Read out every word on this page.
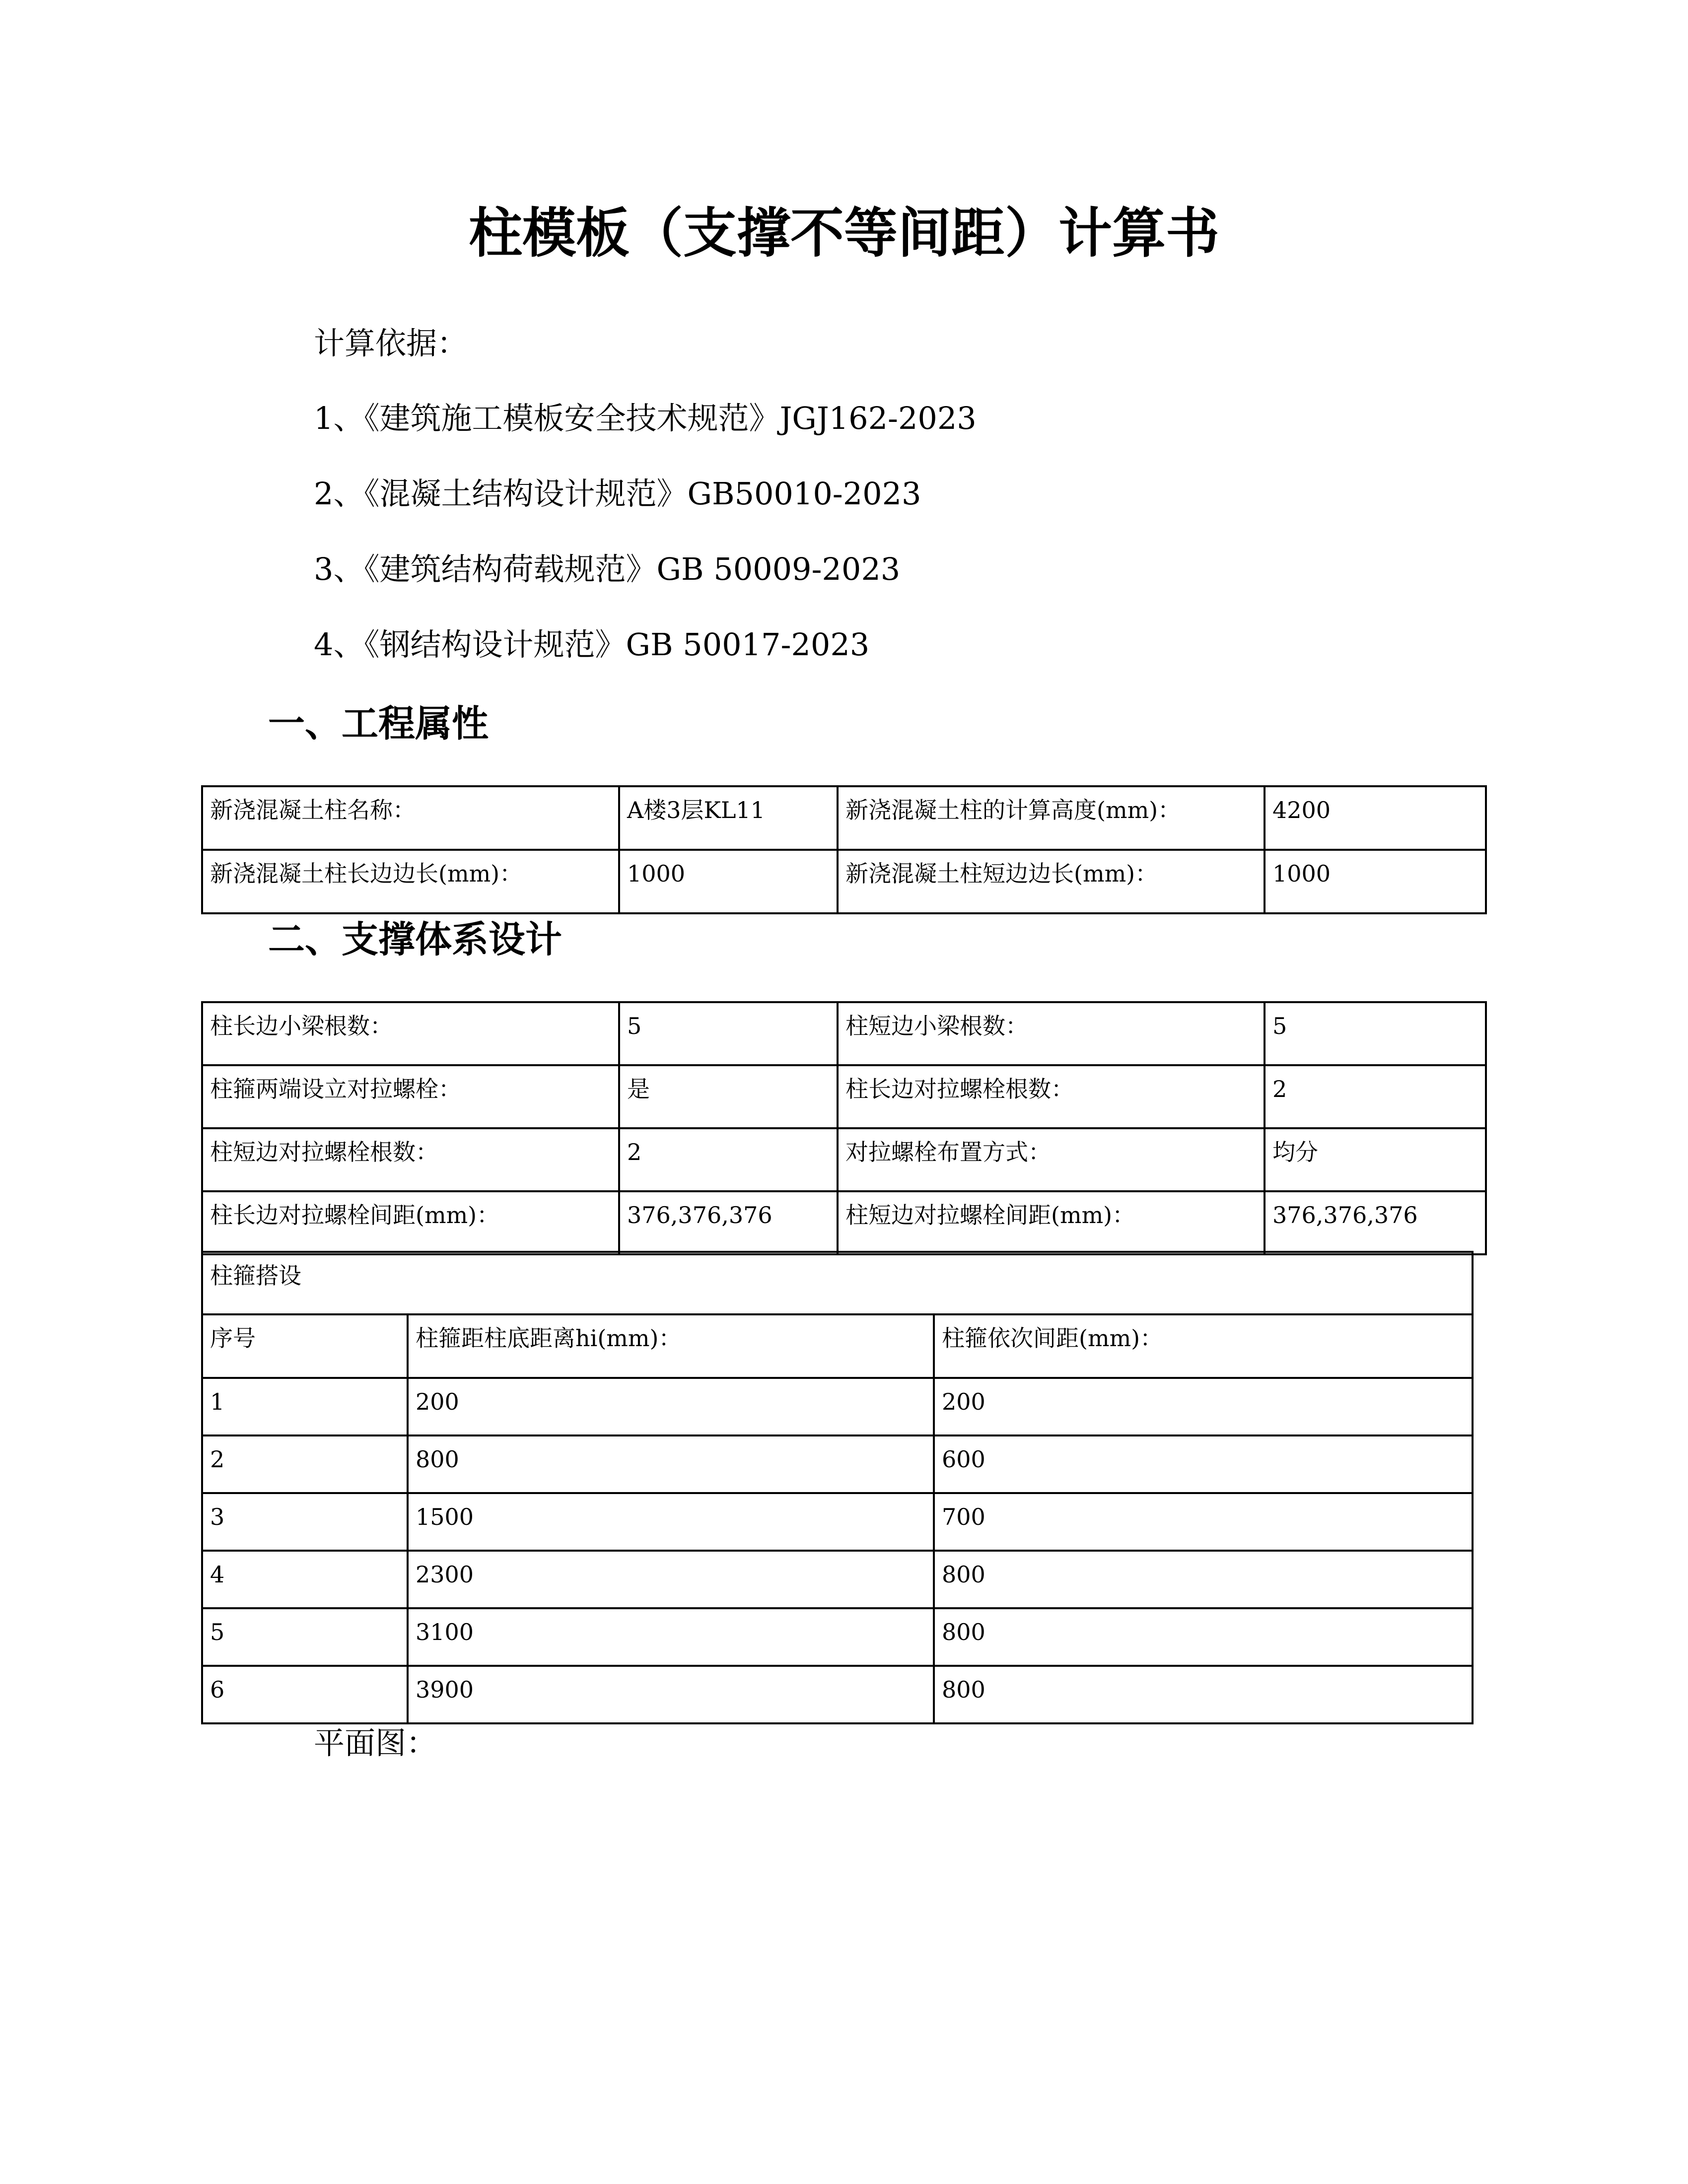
柱模板（支撑不等间距）计算书
计算依据：
1、《建筑施工模板安全技术规范》JGJ162-2023
2、《混凝土结构设计规范》GB50010-2023
3、《建筑结构荷载规范》GB 50009-2023
4、《钢结构设计规范》GB 50017-2023
一、工程属性
新浇混凝土柱名称：	A楼3层KL11	新浇混凝土柱的计算高度(mm)：	4200
新浇混凝土柱长边边长(mm)：	1000	新浇混凝土柱短边边长(mm)：	1000
二、支撑体系设计
柱长边小梁根数：	5	柱短边小梁根数：	5
柱箍两端设立对拉螺栓：	是	柱长边对拉螺栓根数：	2
柱短边对拉螺栓根数：	2	对拉螺栓布置方式：	均分
柱长边对拉螺栓间距(mm)：	376,376,376	柱短边对拉螺栓间距(mm)：	376,376,376
柱箍搭设		
序号	柱箍距柱底距离hi(mm)：	柱箍依次间距(mm)：
1	200	200
2	800	600
3	1500	700
4	2300	800
5	3100	800
6	3900	800
平面图：
